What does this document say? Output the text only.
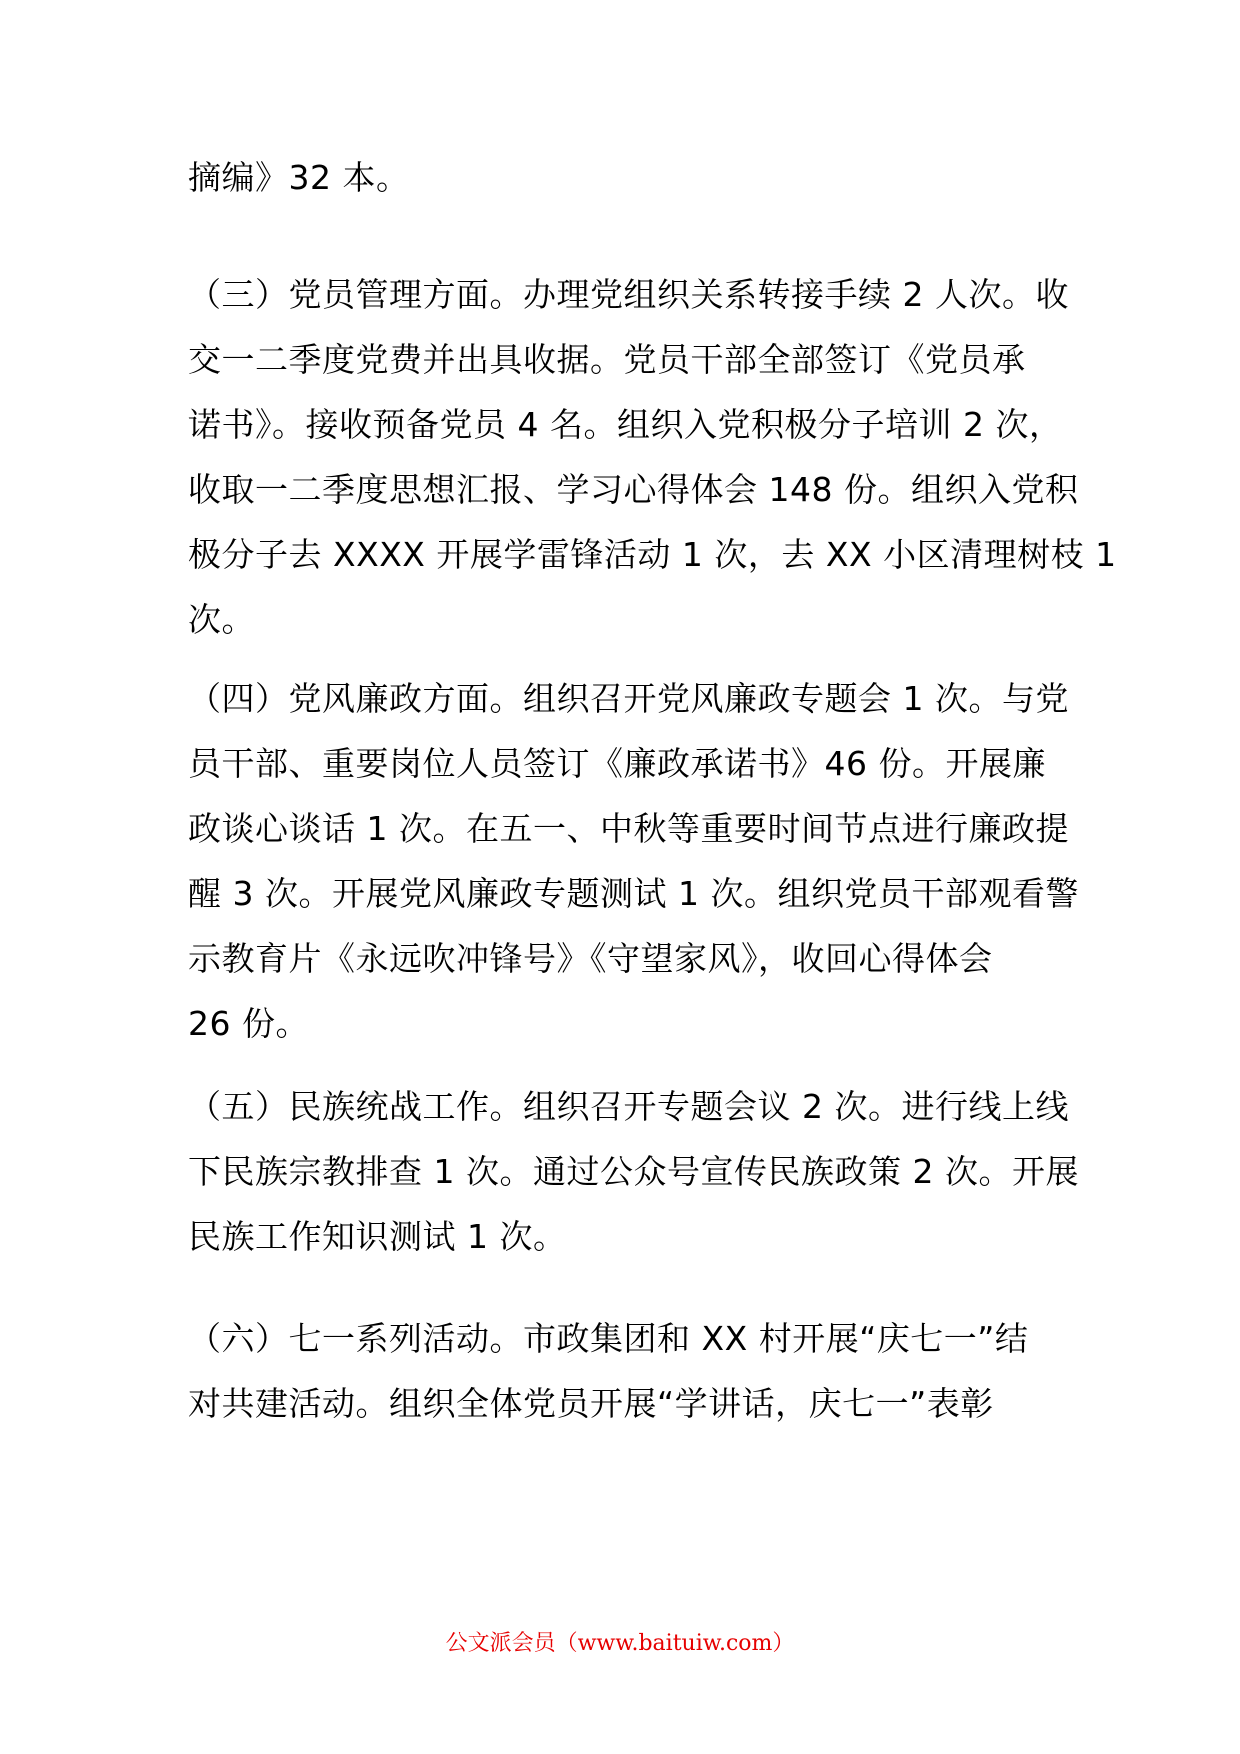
摘编》32 本。
（三）党员管理方面。办理党组织关系转接手续 2 人次。收
交一二季度党费并出具收据。党员干部全部签订《党员承
诺书》。接收预备党员 4 名。组织入党积极分子培训 2 次，
收取一二季度思想汇报、学习心得体会 148 份。组织入党积
极分子去 XXXX 开展学雷锋活动 1 次，去 XX 小区清理树枝 1
次。
（四）党风廉政方面。组织召开党风廉政专题会 1 次。与党
员干部、重要岗位人员签订《廉政承诺书》46 份。开展廉
政谈心谈话 1 次。在五一、中秋等重要时间节点进行廉政提
醒 3 次。开展党风廉政专题测试 1 次。组织党员干部观看警
示教育片《永远吹冲锋号》《守望家风》，收回心得体会
26 份。
（五）民族统战工作。组织召开专题会议 2 次。进行线上线
下民族宗教排查 1 次。通过公众号宣传民族政策 2 次。开展
民族工作知识测试 1 次。
（六）七一系列活动。市政集团和 XX 村开展“庆七一”结
对共建活动。组织全体党员开展“学讲话，庆七一”表彰
公文派会员（www.baituiw.com）
